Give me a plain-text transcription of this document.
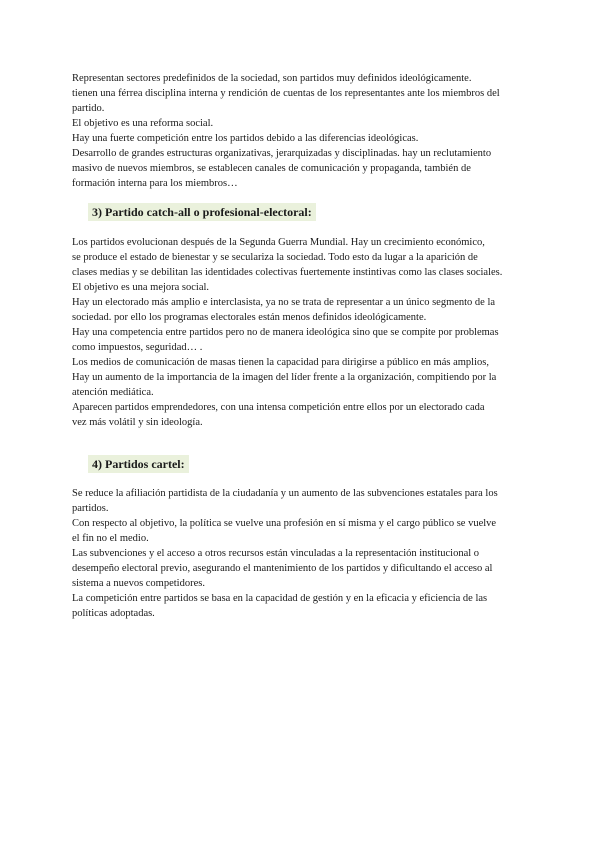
Representan sectores predefinidos de la sociedad, son partidos muy definidos ideológicamente.
tienen una férrea disciplina interna y rendición de cuentas de los representantes ante los miembros del
partido.
El objetivo es una reforma social.
Hay una fuerte competición entre los partidos debido a las diferencias ideológicas.
Desarrollo de grandes estructuras organizativas, jerarquizadas y disciplinadas. hay un reclutamiento
masivo de nuevos miembros, se establecen canales de comunicación y propaganda, también de
formación interna para los miembros…
3) Partido catch-all o profesional-electoral:
Los partidos evolucionan después de la Segunda Guerra Mundial. Hay un crecimiento económico,
se produce el estado de bienestar y se seculariza la sociedad. Todo esto da lugar a la aparición de
clases medias y se debilitan las identidades colectivas fuertemente instintivas como las clases sociales.
El objetivo es una mejora social.
Hay un electorado más amplio e interclasista, ya no se trata de representar a un único segmento de la
sociedad. por ello los programas electorales están menos definidos ideológicamente.
Hay una competencia entre partidos pero no de manera ideológica sino que se compite por problemas
como impuestos, seguridad… .
Los medios de comunicación de masas tienen la capacidad para dirigirse a público en más amplios,
Hay un aumento de la importancia de la imagen del líder frente a la organización, compitiendo por la
atención mediática.
Aparecen partidos emprendedores, con una intensa competición entre ellos por un electorado cada
vez más volátil y sin ideología.
4) Partidos cartel:
Se reduce la afiliación partidista de la ciudadanía y un aumento de las subvenciones estatales para los
partidos.
Con respecto al objetivo, la política se vuelve una profesión en sí misma y el cargo público se vuelve
el fin no el medio.
Las subvenciones y el acceso a otros recursos están vinculadas a la representación institucional o
desempeño electoral previo, asegurando el mantenimiento de los partidos y dificultando el acceso al
sistema a nuevos competidores.
La competición entre partidos se basa en la capacidad de gestión y en la eficacia y eficiencia de las
políticas adoptadas.
